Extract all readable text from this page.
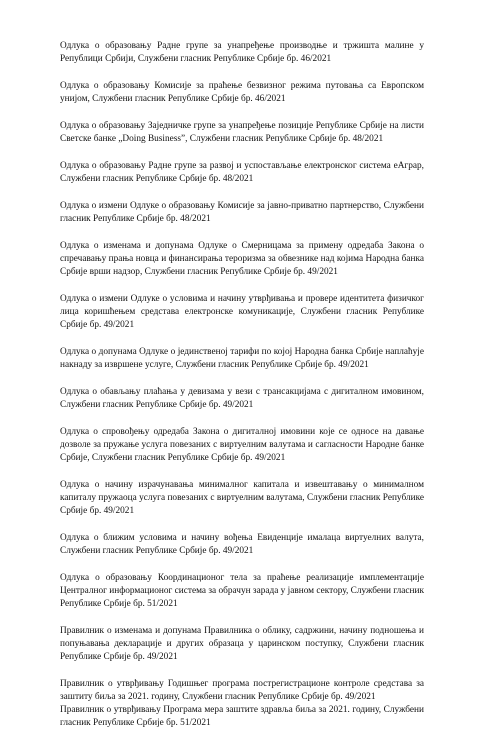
Одлука о образовању Радне групе за унапређење производње и тржишта малине у Републици Србији, Службени гласник Републике Србије бр. 46/2021

Одлука о образовању Комисије за праћење безвизног режима путовања са Европском унијом, Службени гласник Републике Србије бр. 46/2021

Одлука о образовању Заједничке групе за унапређење позиције Републике Србије на листи Светске банке „Doing Business”, Службени гласник Републике Србије бр. 48/2021

Одлука о образовању Радне групе за развој и успостављање електронског система еАграр, Службени гласник Републике Србије бр. 48/2021

Одлука о измени Одлуке о образовању Комисије за јавно-приватно партнерство, Службени гласник Републике Србије бр. 48/2021

Одлука о изменама и допунама Одлуке о Смерницама за примену одредаба Закона о спречавању прања новца и финансирања тероризма за обвезнике над којима Народна банка Србије врши надзор, Службени гласник Републике Србије бр. 49/2021

Одлука о измени Одлуке о условима и начину утврђивања и провере идентитета физичког лица коришћењем средстава електронске комуникације, Службени гласник Републике Србије бр. 49/2021

Одлука о допунама Одлуке о јединственој тарифи по којој Народна банка Србије наплаћује накнаду за извршене услуге, Службени гласник Републике Србије бр. 49/2021

Одлука о обављању плаћања у девизама у вези с трансакцијама с дигиталном имовином, Службени гласник Републике Србије бр. 49/2021

Одлука о спровођењу одредаба Закона о дигиталној имовини које се односе на давање дозволе за пружање услуга повезаних с виртуелним валутама и сагласности Народне банке Србије, Службени гласник Републике Србије бр. 49/2021

Одлука о начину израчунавања минималног капитала и извештавању о минималном капиталу пружаоца услуга повезаних с виртуелним валутама, Службени гласник Републике Србије бр. 49/2021

Одлука о ближим условима и начину вођења Евиденције ималаца виртуелних валута, Службени гласник Републике Србије бр. 49/2021

Одлука о образовању Координационог тела за праћење реализације имплементације Централног информационог система за обрачун зарада у јавном сектору, Службени гласник Републике Србије бр. 51/2021

Правилник о изменама и допунама Правилника о облику, садржини, начину подношења и попуњавања декларације и других образаца у царинском поступку, Службени гласник Републике Србије бр. 49/2021

Правилник о утврђивању Годишњег програма пострегистрационе контроле средстава за заштиту биља за 2021. годину, Службени гласник Републике Србије бр. 49/2021

Правилник о утврђивању Програма мера заштите здравља биља за 2021. годину, Службени гласник Републике Србије бр. 51/2021
